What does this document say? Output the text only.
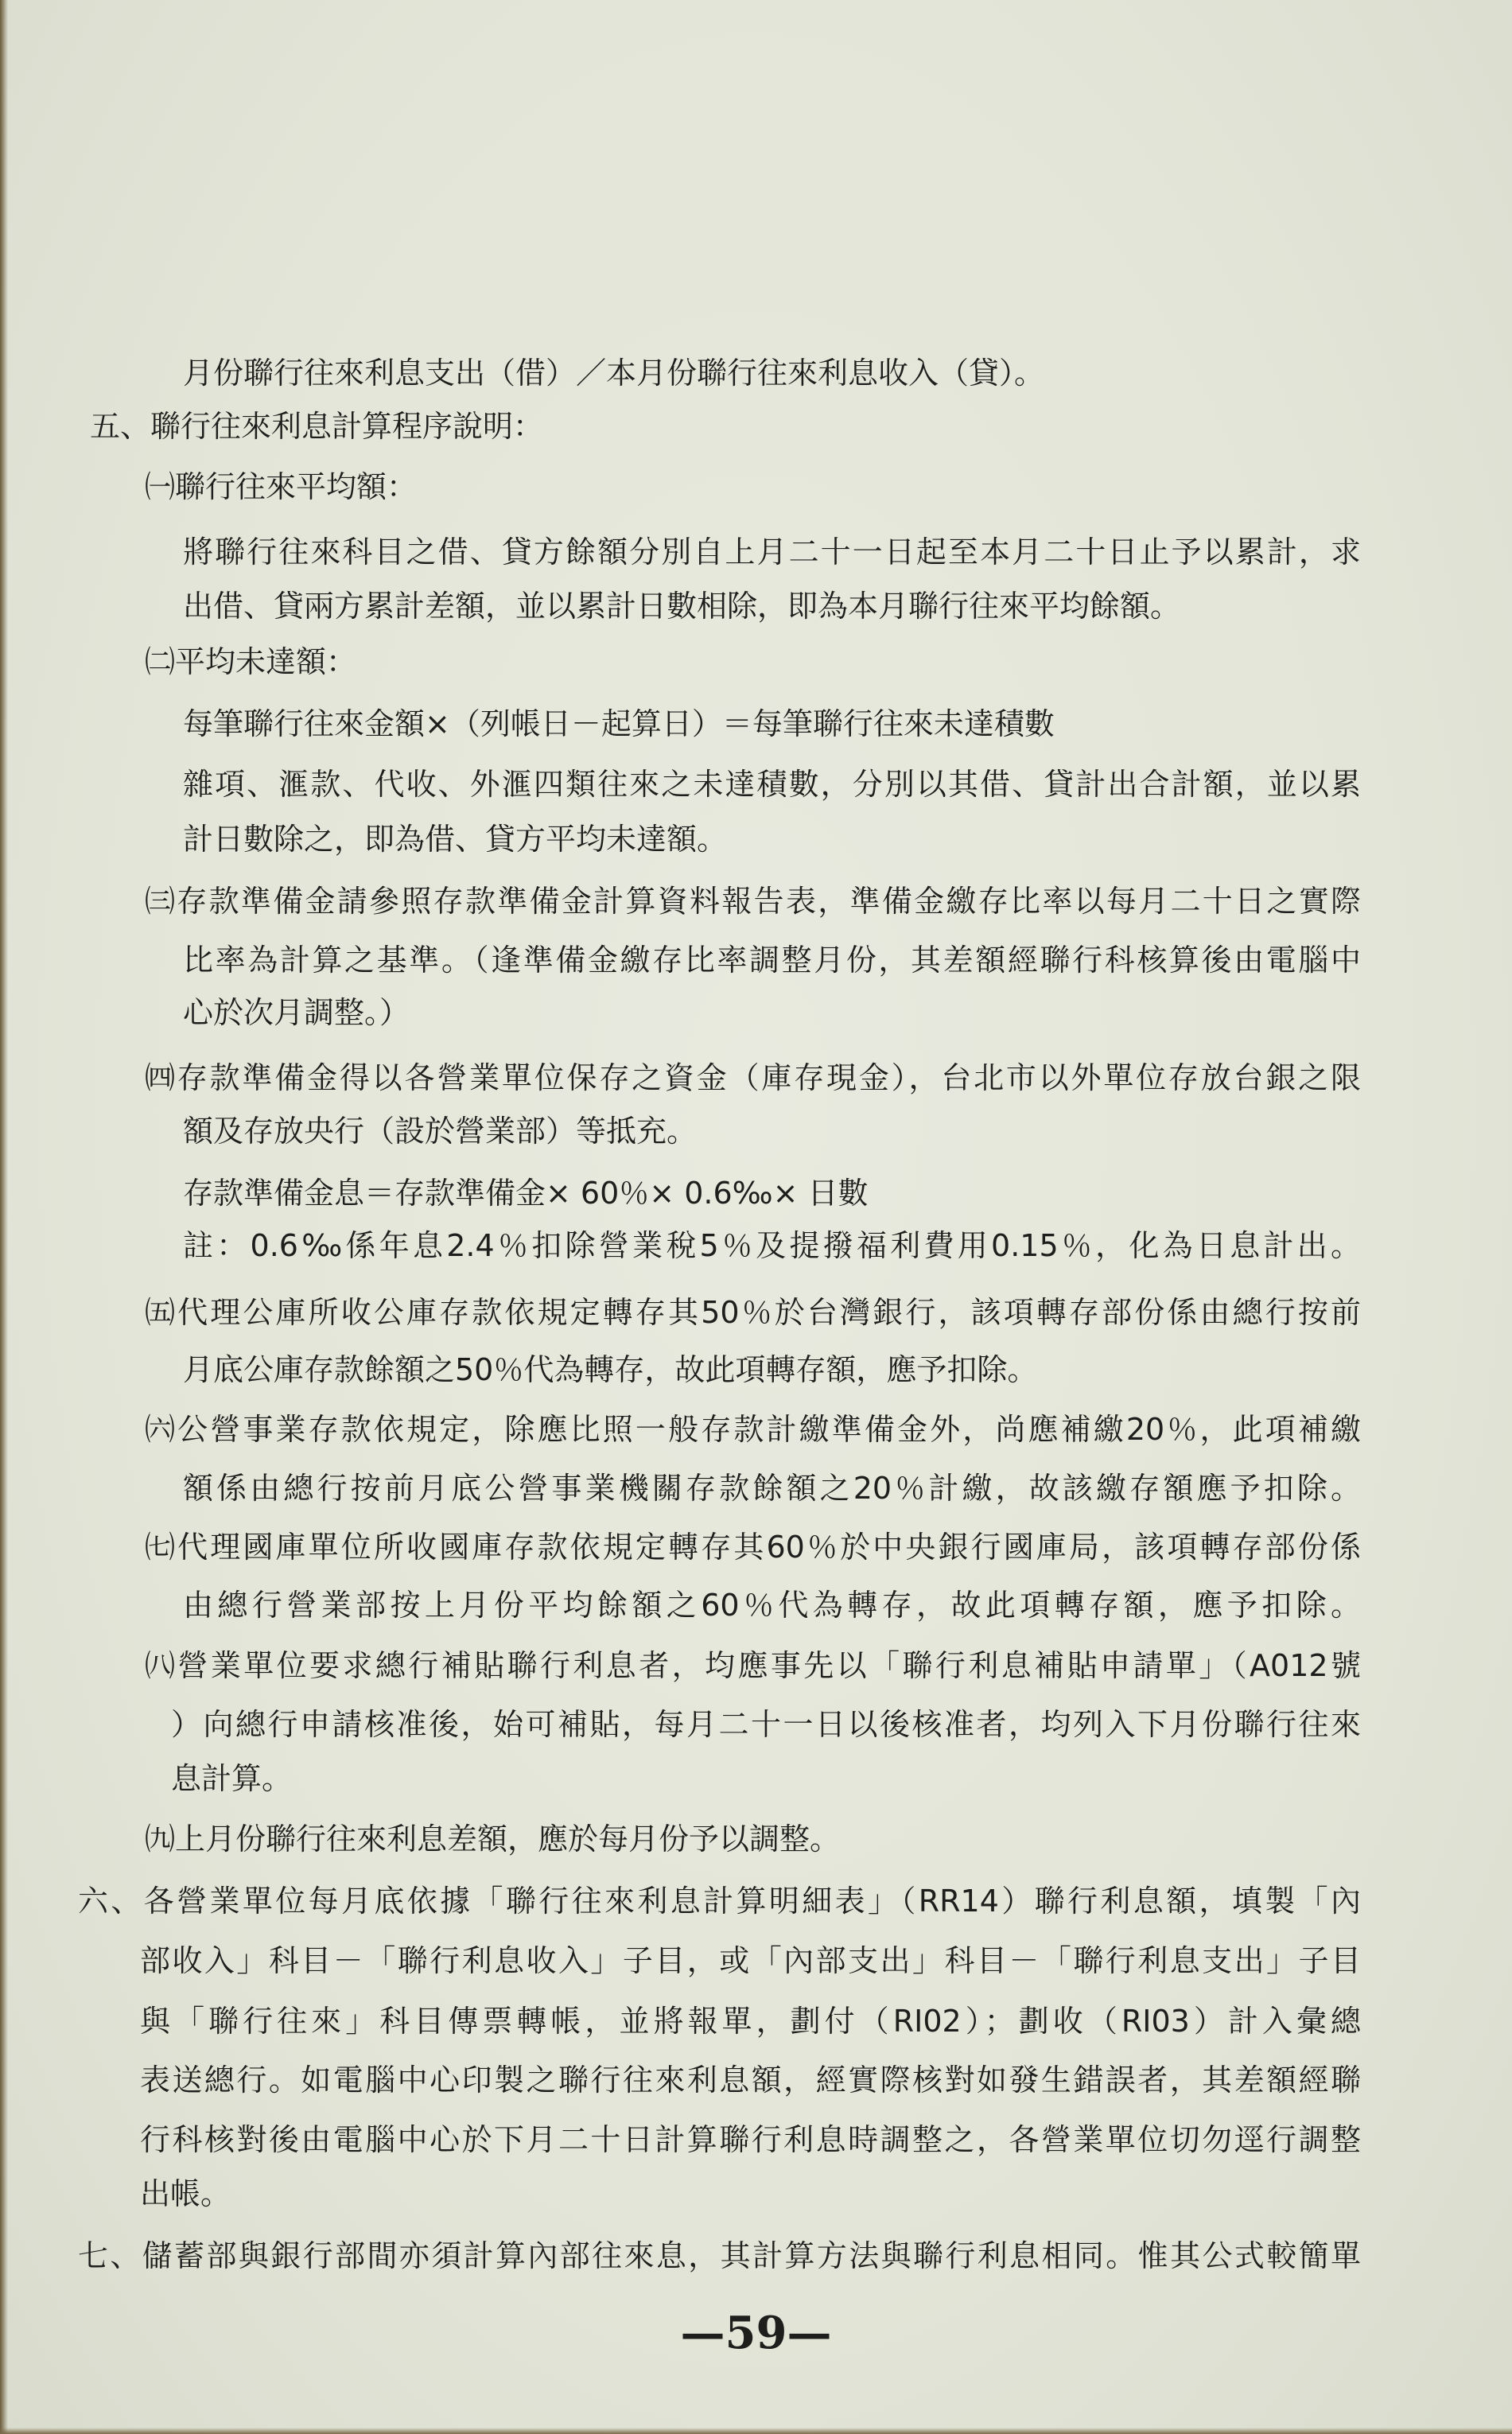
月份聯行往來利息支出（借）／本月份聯行往來利息收入（貸）。
五、聯行往來利息計算程序說明：
㈠聯行往來平均額：
將聯行往來科目之借、貸方餘額分別自上月二十一日起至本月二十日止予以累計，求
出借、貸兩方累計差額，並以累計日數相除，即為本月聯行往來平均餘額。
㈡平均未達額：
每筆聯行往來金額×（列帳日－起算日）＝每筆聯行往來未達積數
雜項、滙款、代收、外滙四類往來之未達積數，分別以其借、貸計出合計額，並以累
計日數除之，即為借、貸方平均未達額。
㈢存款準備金請參照存款準備金計算資料報告表，準備金繳存比率以每月二十日之實際
比率為計算之基準。（逢準備金繳存比率調整月份，其差額經聯行科核算後由電腦中
心於次月調整。）
㈣存款準備金得以各營業單位保存之資金（庫存現金），台北市以外單位存放台銀之限
額及存放央行（設於營業部）等抵充。
存款準備金息＝存款準備金× 60％× 0.6‰× 日數
註：0.6‰係年息2.4％扣除營業稅5％及提撥福利費用0.15％，化為日息計出。
㈤代理公庫所收公庫存款依規定轉存其50％於台灣銀行，該項轉存部份係由總行按前
月底公庫存款餘額之50％代為轉存，故此項轉存額，應予扣除。
㈥公營事業存款依規定，除應比照一般存款計繳準備金外，尚應補繳20％，此項補繳
額係由總行按前月底公營事業機關存款餘額之20％計繳，故該繳存額應予扣除。
㈦代理國庫單位所收國庫存款依規定轉存其60％於中央銀行國庫局，該項轉存部份係
由總行營業部按上月份平均餘額之60％代為轉存，故此項轉存額，應予扣除。
㈧營業單位要求總行補貼聯行利息者，均應事先以「聯行利息補貼申請單」（A012號
）向總行申請核准後，始可補貼，每月二十一日以後核准者，均列入下月份聯行往來
息計算。
㈨上月份聯行往來利息差額，應於每月份予以調整。
六、各營業單位每月底依據「聯行往來利息計算明細表」（RR14）聯行利息額，填製「內
部收入」科目－「聯行利息收入」子目，或「內部支出」科目－「聯行利息支出」子目
與「聯行往來」科目傳票轉帳，並將報單，劃付（RI02）；劃收（RI03）計入彙總
表送總行。如電腦中心印製之聯行往來利息額，經實際核對如發生錯誤者，其差額經聯
行科核對後由電腦中心於下月二十日計算聯行利息時調整之，各營業單位切勿逕行調整
出帳。
七、儲蓄部與銀行部間亦須計算內部往來息，其計算方法與聯行利息相同。惟其公式較簡單
—59—
